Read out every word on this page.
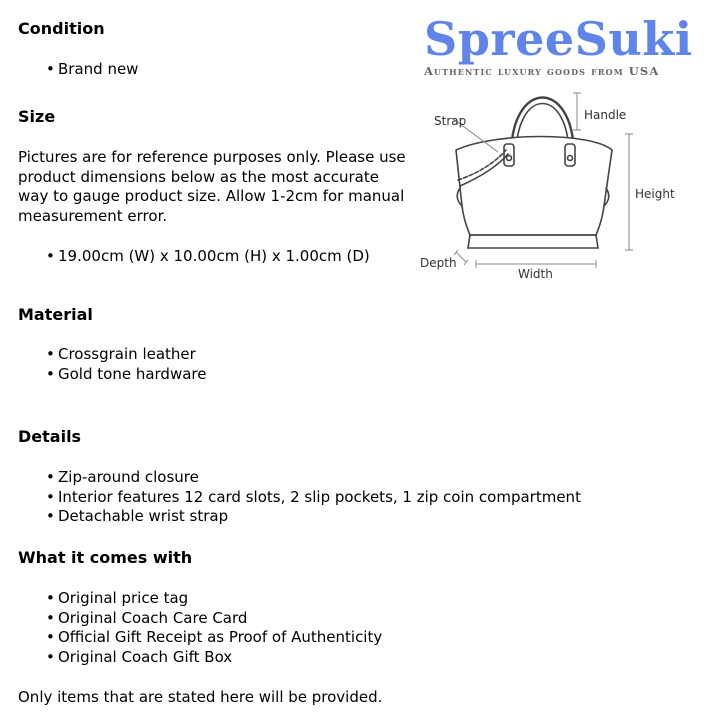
Condition
• Brand new
Size
Pictures are for reference purposes only. Please use product dimensions below as the most accurate way to gauge product size. Allow 1-2cm for manual measurement error.
• 19.00cm (W) x 10.00cm (H) x 1.00cm (D)
Material
• Crossgrain leather
• Gold tone hardware
Details
• Zip-around closure
• Interior features 12 card slots, 2 slip pockets, 1 zip coin compartment
• Detachable wrist strap
What it comes with
• Original price tag
• Original Coach Care Card
• Official Gift Receipt as Proof of Authenticity
• Original Coach Gift Box
Only items that are stated here will be provided.
SpreeSuki
Authentic luxury goods from USA
Strap	Handle
Height
Depth
Width
